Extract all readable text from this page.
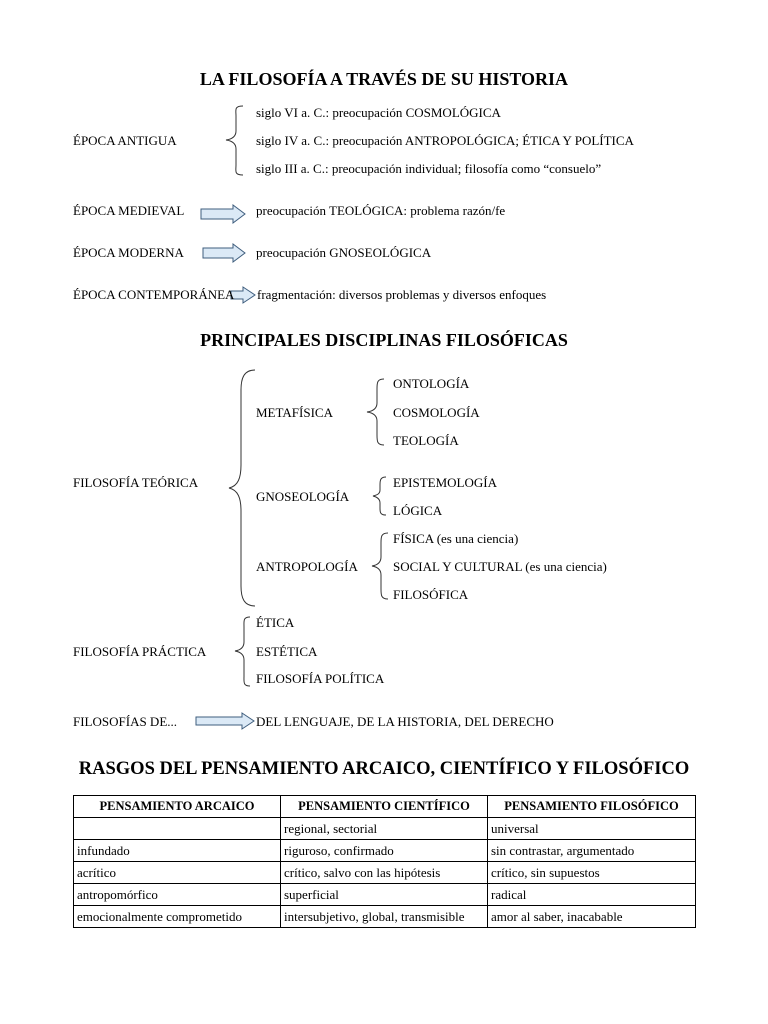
LA FILOSOFÍA A TRAVÉS DE SU HISTORIA
ÉPOCA ANTIGUA
siglo VI a. C.: preocupación COSMOLÓGICA
siglo IV a. C.: preocupación ANTROPOLÓGICA; ÉTICA Y POLÍTICA
siglo III a. C.: preocupación individual; filosofía como “consuelo”
ÉPOCA MEDIEVAL	preocupación TEOLÓGICA: problema razón/fe
ÉPOCA MODERNA	preocupación GNOSEOLÓGICA
ÉPOCA CONTEMPORÁNEA fragmentación: diversos problemas y diversos enfoques
PRINCIPALES DISCIPLINAS FILOSÓFICAS
FILOSOFÍA TEÓRICA
METAFÍSICA
ONTOLOGÍA
COSMOLOGÍA
TEOLOGÍA
GNOSEOLOGÍA
EPISTEMOLOGÍA
LÓGICA
ANTROPOLOGÍA
FÍSICA (es una ciencia)
SOCIAL Y CULTURAL (es una ciencia)
FILOSÓFICA
FILOSOFÍA PRÁCTICA
ÉTICA
ESTÉTICA
FILOSOFÍA POLÍTICA
FILOSOFÍAS DE...	DEL LENGUAJE, DE LA HISTORIA, DEL DERECHO
RASGOS DEL PENSAMIENTO ARCAICO, CIENTÍFICO Y FILOSÓFICO
PENSAMIENTO ARCAICO	PENSAMIENTO CIENTÍFICO	PENSAMIENTO FILOSÓFICO
	regional, sectorial	universal
infundado	riguroso, confirmado	sin contrastar, argumentado
acrítico	crítico, salvo con las hipótesis	crítico, sin supuestos
antropomórfico	superficial	radical
emocionalmente comprometido	intersubjetivo, global, transmisible	amor al saber, inacabable
